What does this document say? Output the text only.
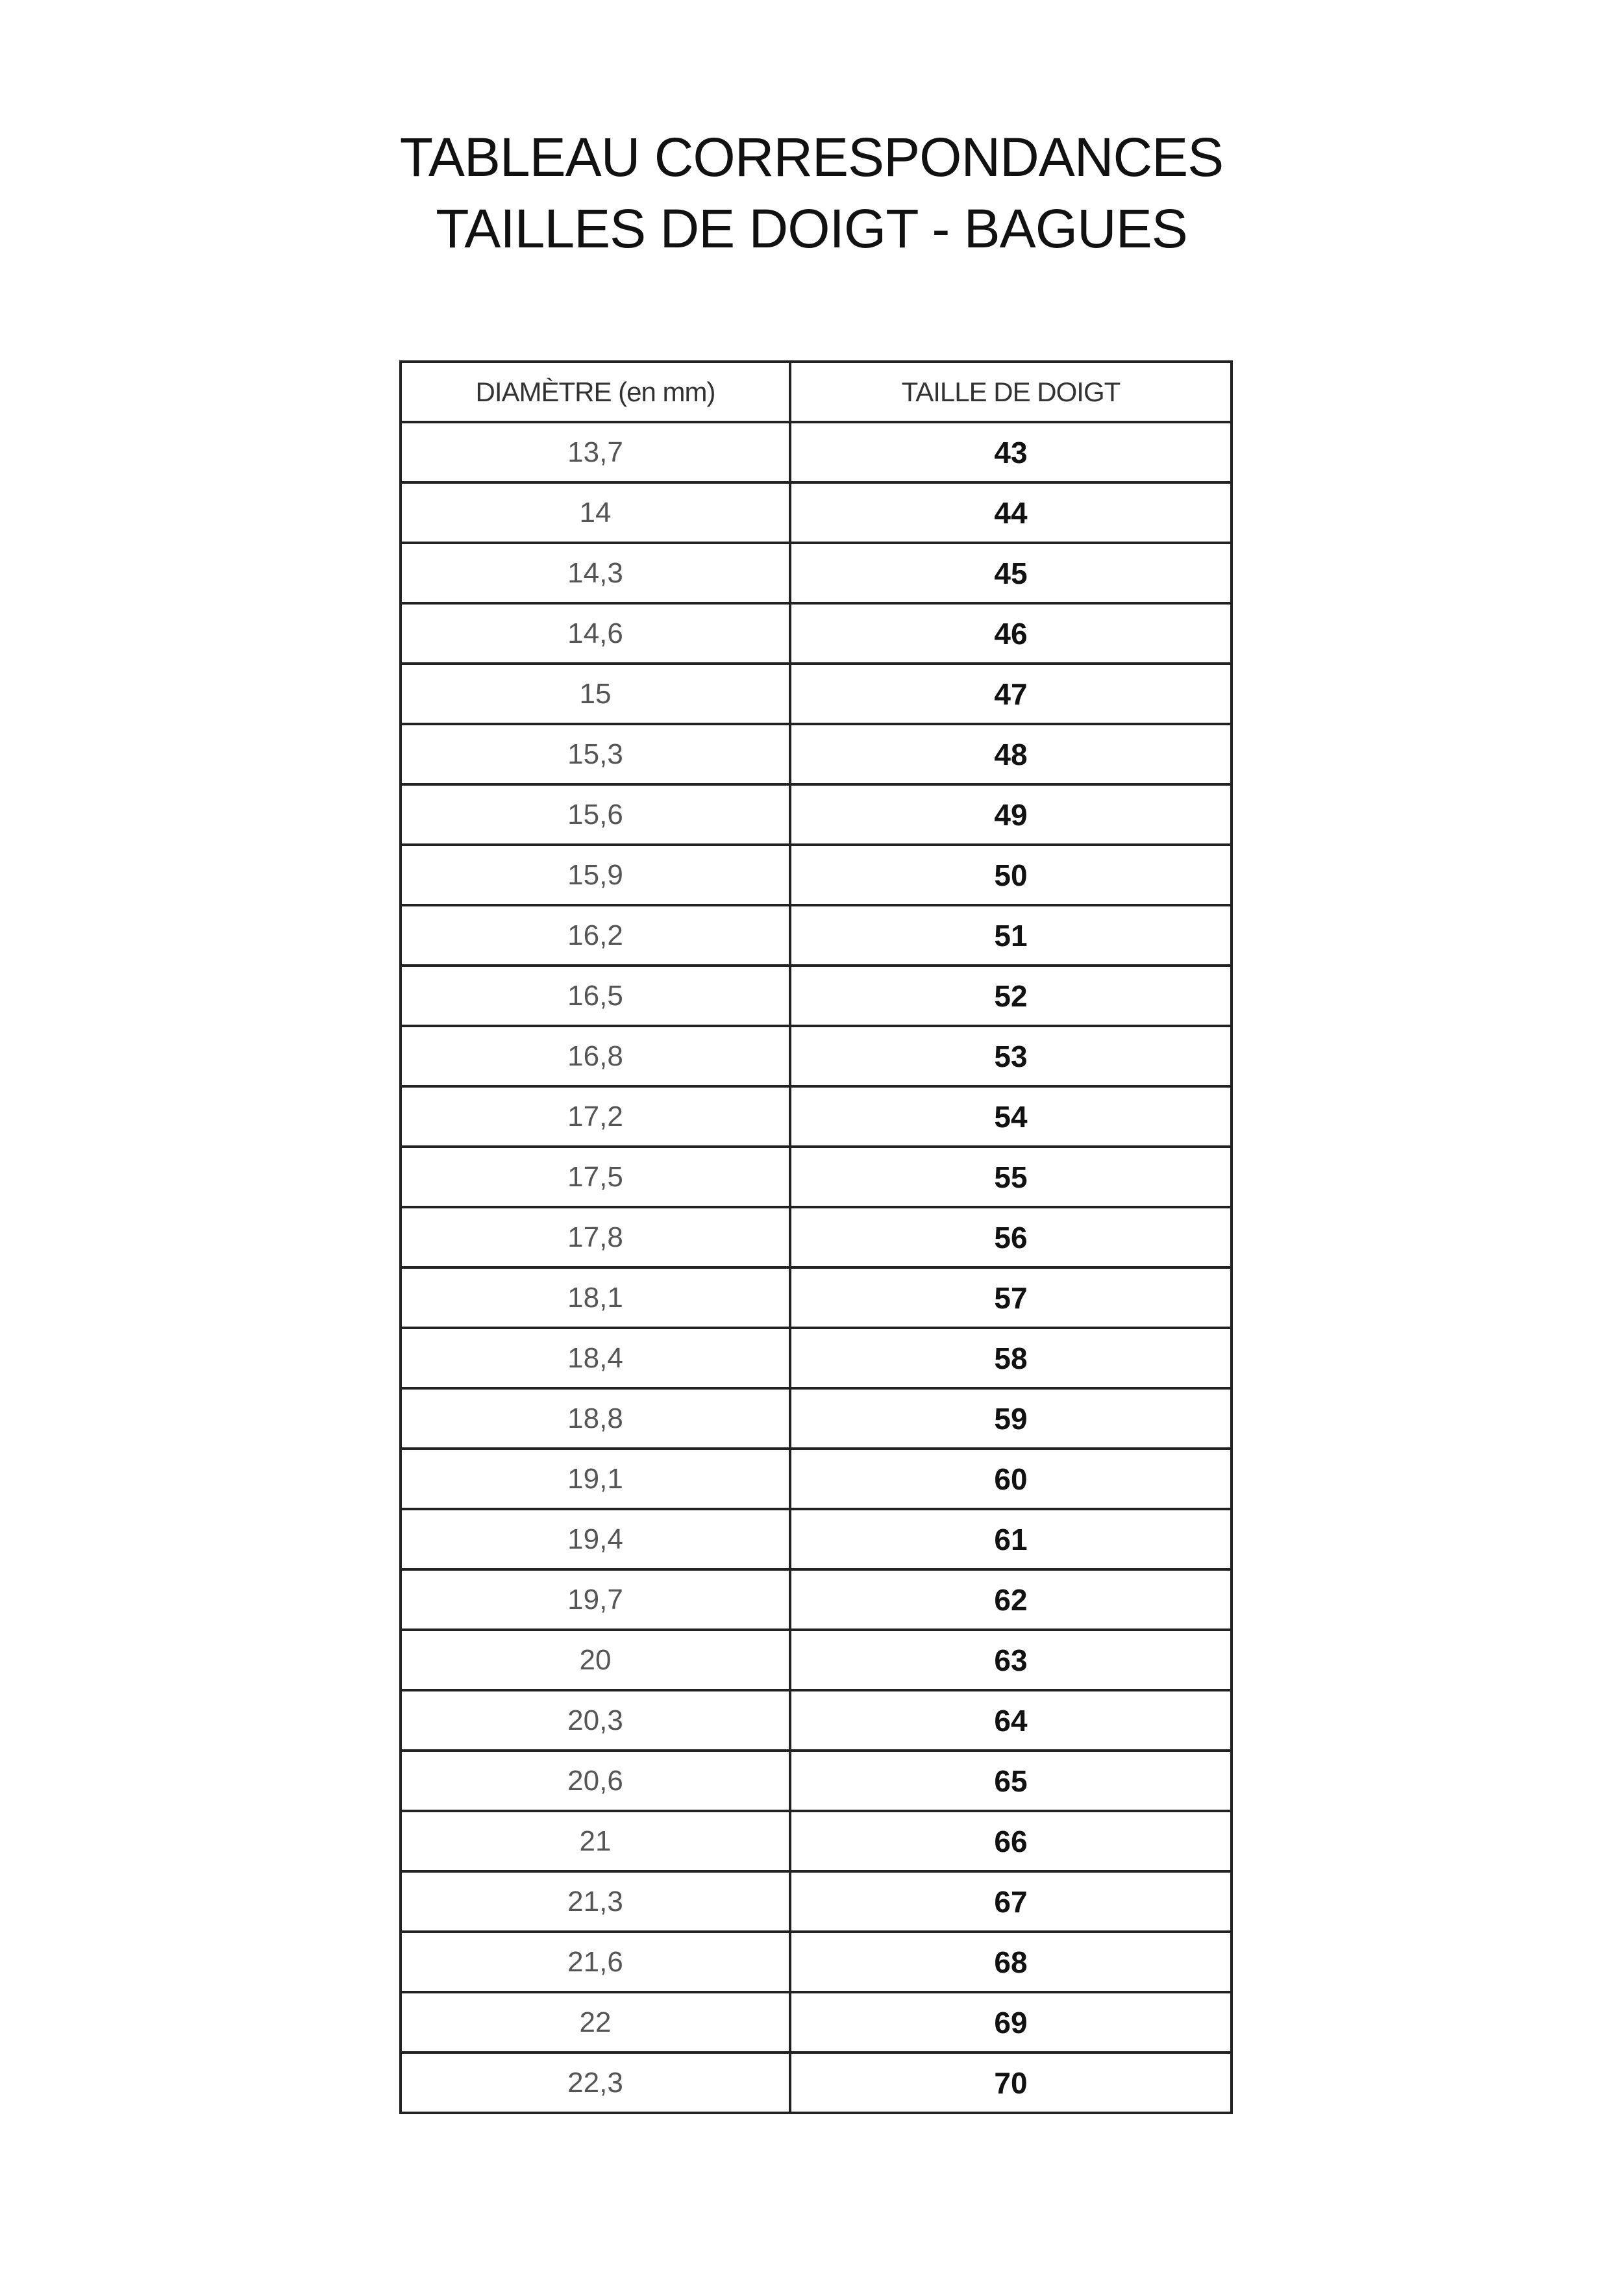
TABLEAU CORRESPONDANCES
TAILLES DE DOIGT - BAGUES
DIAMÈTRE (en mm)	TAILLE DE DOIGT
13,7	43
14	44
14,3	45
14,6	46
15	47
15,3	48
15,6	49
15,9	50
16,2	51
16,5	52
16,8	53
17,2	54
17,5	55
17,8	56
18,1	57
18,4	58
18,8	59
19,1	60
19,4	61
19,7	62
20	63
20,3	64
20,6	65
21	66
21,3	67
21,6	68
22	69
22,3	70
